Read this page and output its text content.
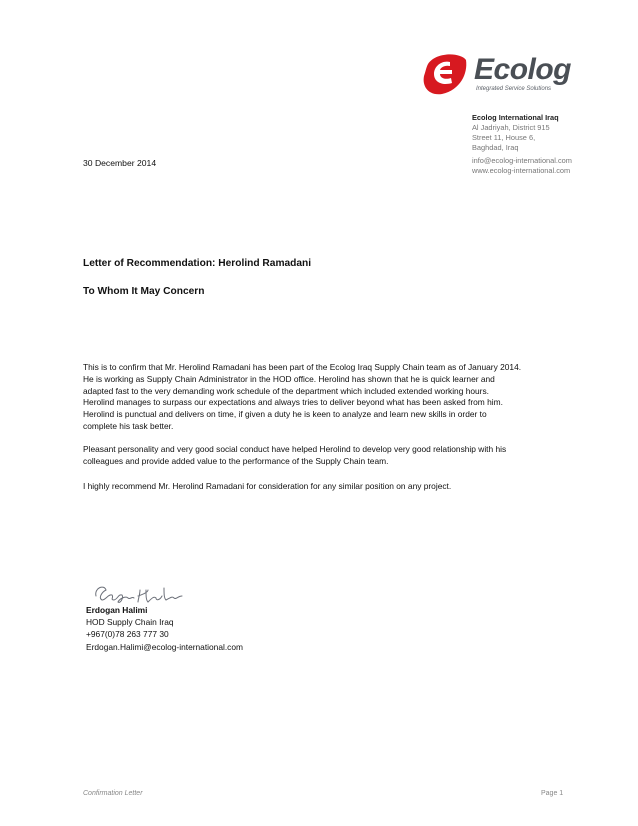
Ecolog
Integrated Service Solutions
Ecolog International Iraq
Al Jadriyah, District 915
Street 11, House 6,
Baghdad, Iraq
info@ecolog-international.com
www.ecolog-international.com
30 December 2014
Letter of Recommendation: Herolind Ramadani
To Whom It May Concern

This is to confirm that Mr. Herolind Ramadani has been part of the Ecolog Iraq Supply Chain team as of January 2014.

He is working as Supply Chain Administrator in the HOD office. Herolind has shown that he is quick learner and

adapted fast to the very demanding work schedule of the department which included extended working hours.

Herolind manages to surpass our expectations and always tries to deliver beyond what has been asked from him.

Herolind is punctual and delivers on time, if given a duty he is keen to analyze and learn new skills in order to

complete his task better.

Pleasant personality and very good social conduct have helped Herolind to develop very good relationship with his

colleagues and provide added value to the performance of the Supply Chain team.

I highly recommend Mr. Herolind Ramadani for consideration for any similar position on any project.

Erdogan Halimi
HOD Supply Chain Iraq
+967(0)78 263 777 30
Erdogan.Halimi@ecolog-international.com
Confirmation Letter	Page 1
